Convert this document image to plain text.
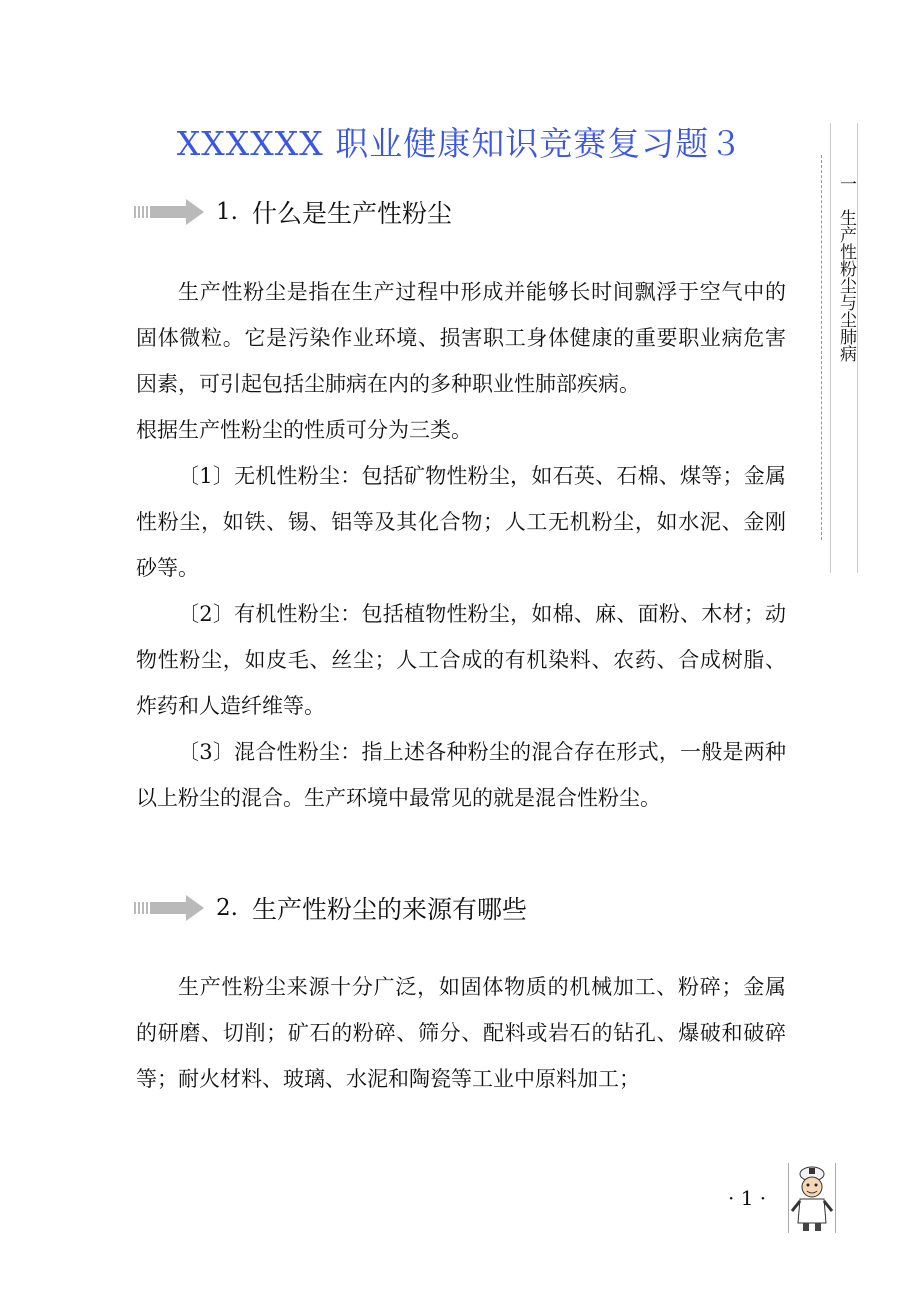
XXXXXX 职业健康知识竞赛复习题３
一　生产性粉尘与尘肺病
1. 什么是生产性粉尘

生产性粉尘是指在生产过程中形成并能够长时间飘浮于空气中的固体微粒。它是污染作业环境、损害职工身体健康的重要职业病危害因素，可引起包括尘肺病在内的多种职业性肺部疾病。

根据生产性粉尘的性质可分为三类。

〔1〕无机性粉尘：包括矿物性粉尘，如石英、石棉、煤等；金属性粉尘，如铁、锡、铝等及其化合物；人工无机粉尘，如水泥、金刚砂等。

〔2〕有机性粉尘：包括植物性粉尘，如棉、麻、面粉、木材；动物性粉尘，如皮毛、丝尘；人工合成的有机染料、农药、合成树脂、炸药和人造纤维等。

〔3〕混合性粉尘：指上述各种粉尘的混合存在形式，一般是两种以上粉尘的混合。生产环境中最常见的就是混合性粉尘。

2. 生产性粉尘的来源有哪些

生产性粉尘来源十分广泛，如固体物质的机械加工、粉碎；金属的研磨、切削；矿石的粉碎、筛分、配料或岩石的钻孔、爆破和破碎等；耐火材料、玻璃、水泥和陶瓷等工业中原料加工；

· 1 ·
